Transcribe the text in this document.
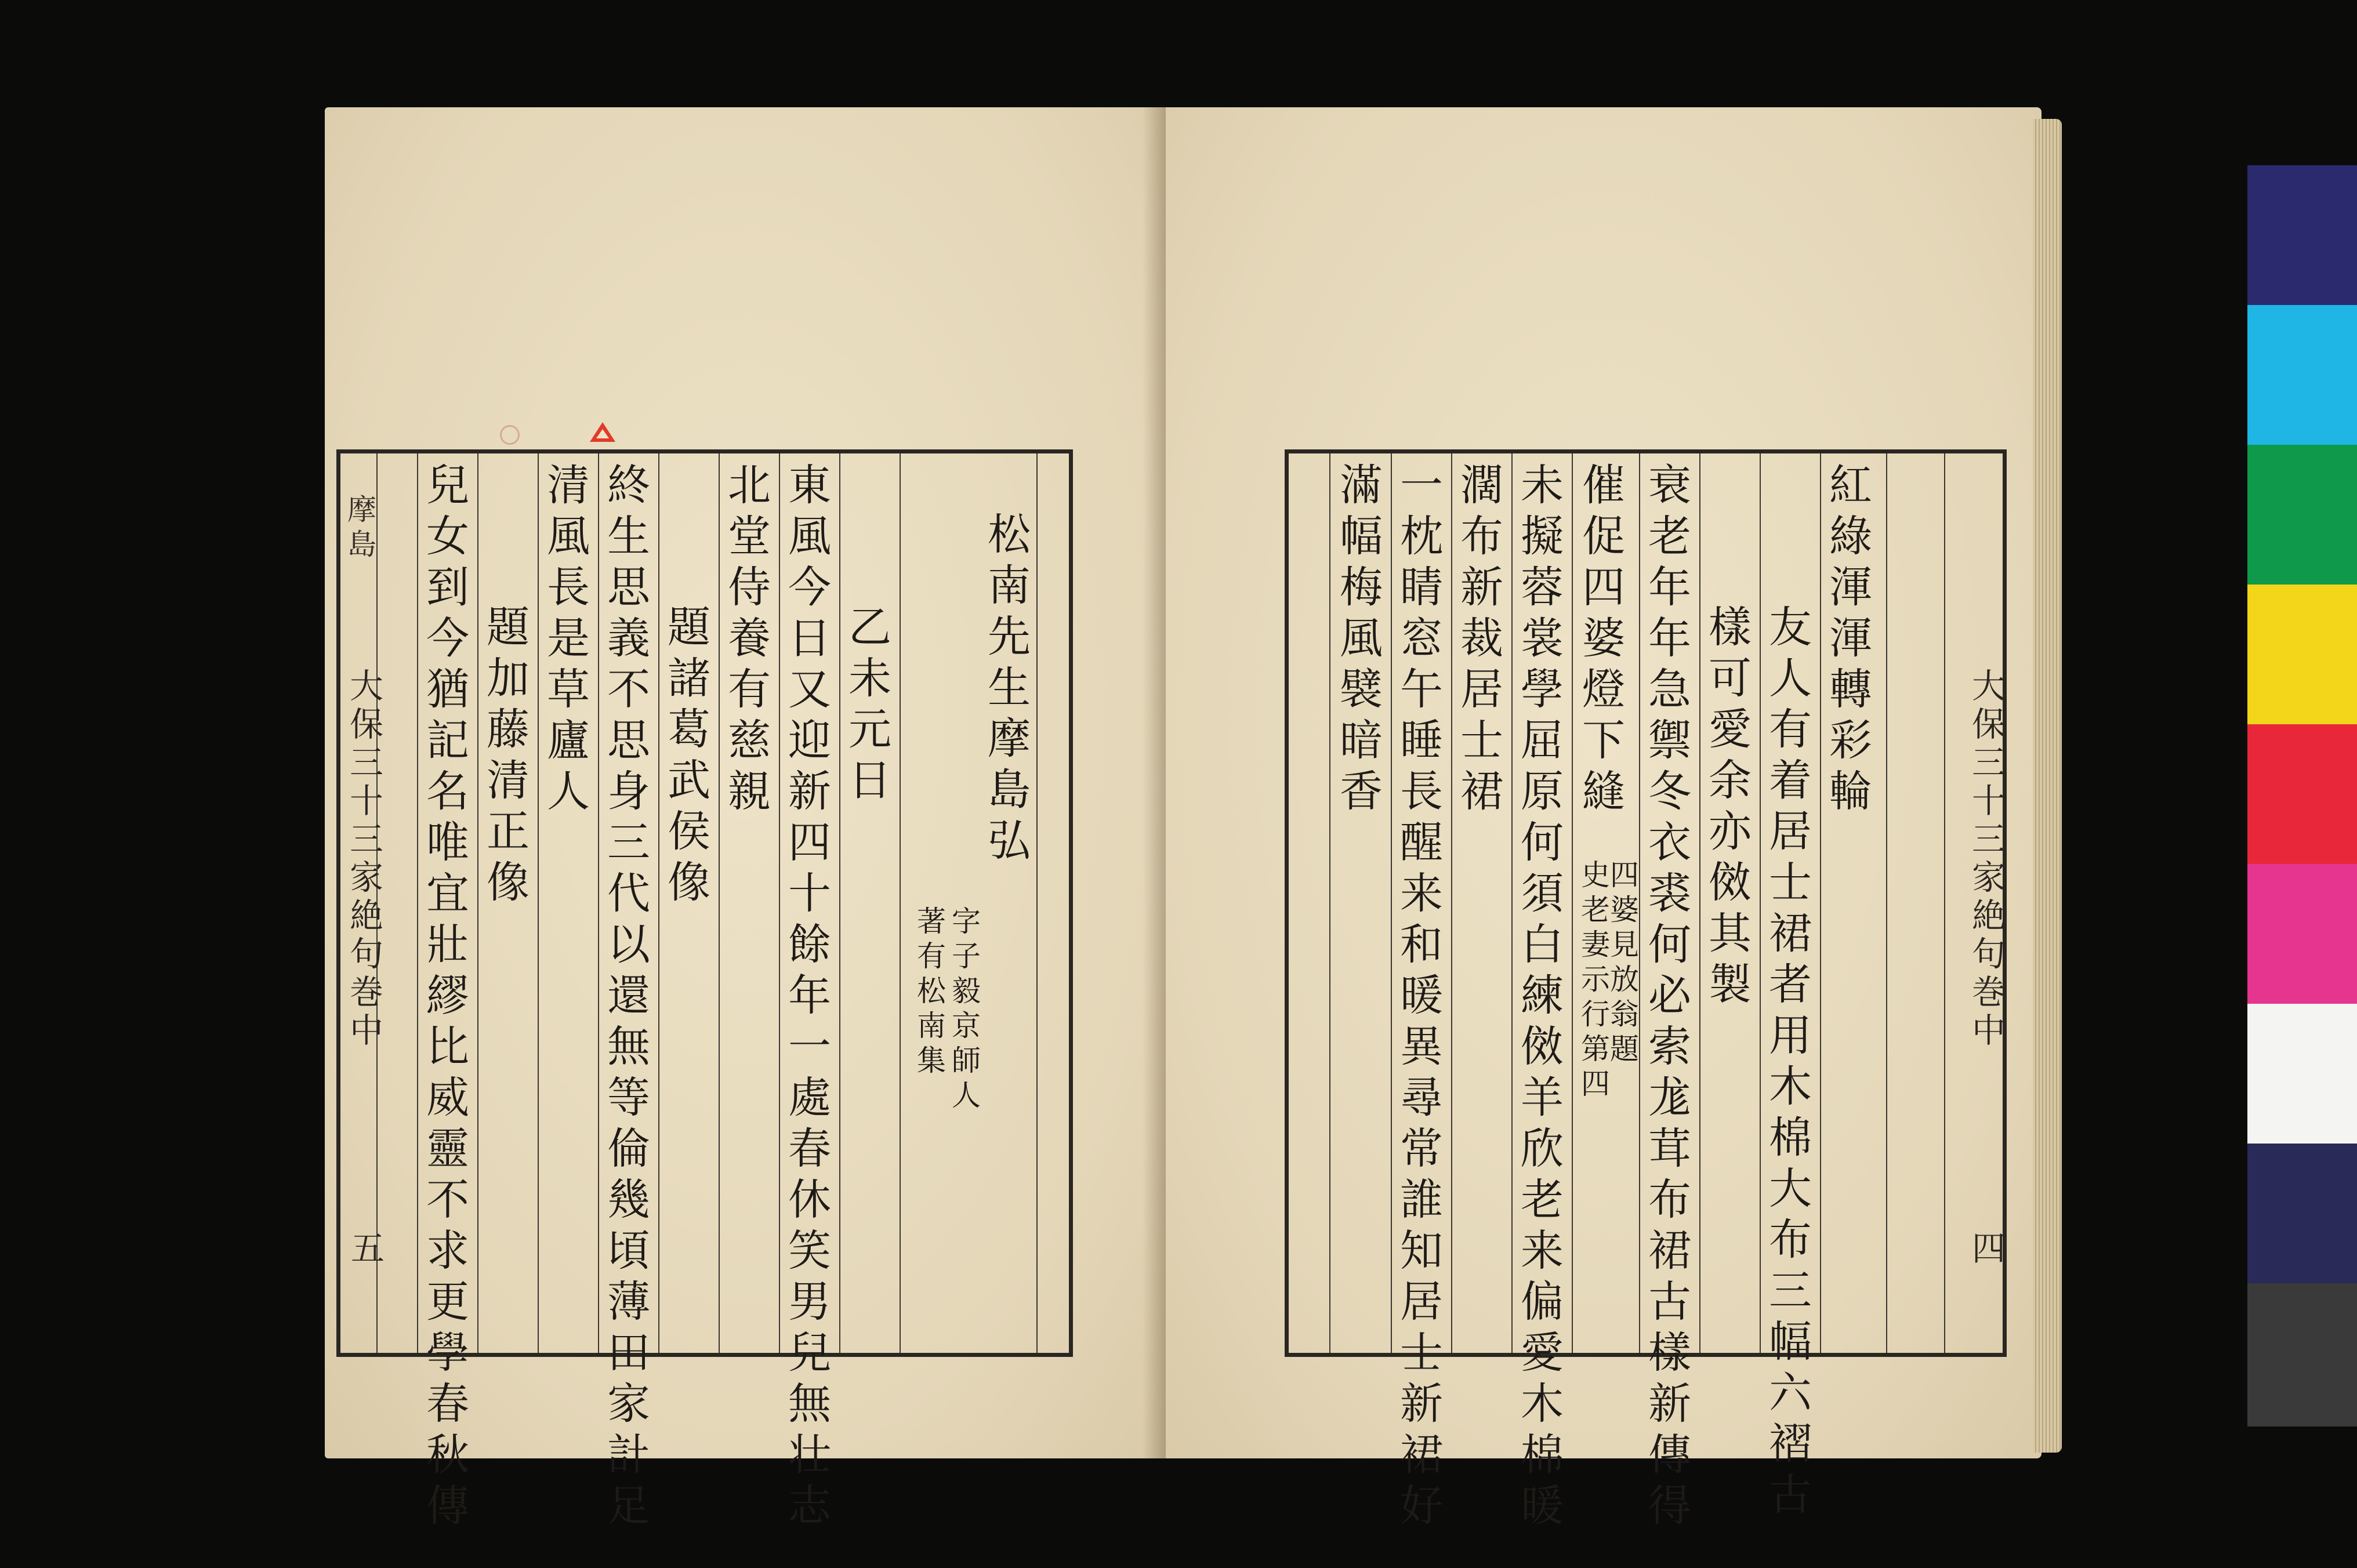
摩島
大保三十三家絶句巻中
五 兒女到今猶記名唯宜壯繆比威靈不求更學春秋傳 題加藤清正像 清風長是草廬人 終生思義不思身三代以還無等倫幾頃薄田家計足 題諸葛武侯像 北堂侍養有慈親 東風今日又迎新四十餘年一處春休笑男兒無壮志 乙未元日
著有松南集 字子毅京師人
松南先生摩島弘	滿幅梅風襞暗香 一枕睛窓午睡長醒来和暖異尋常誰知居士新裙好 濶布新裁居士裙 未擬蓉裳學屈原何須白練傚羊欣老来偏愛木棉暖 史老妻示行第四
四婆見放翁題
催促四婆燈下縫 衰老年年急禦冬衣裘何必索尨茸布裙古樣新傳得 樣可愛余亦傚其製 友人有着居士裙者用木棉大布三幅六褶古 紅綠渾渾轉彩輪
大保三十三家絶句巻中
四
